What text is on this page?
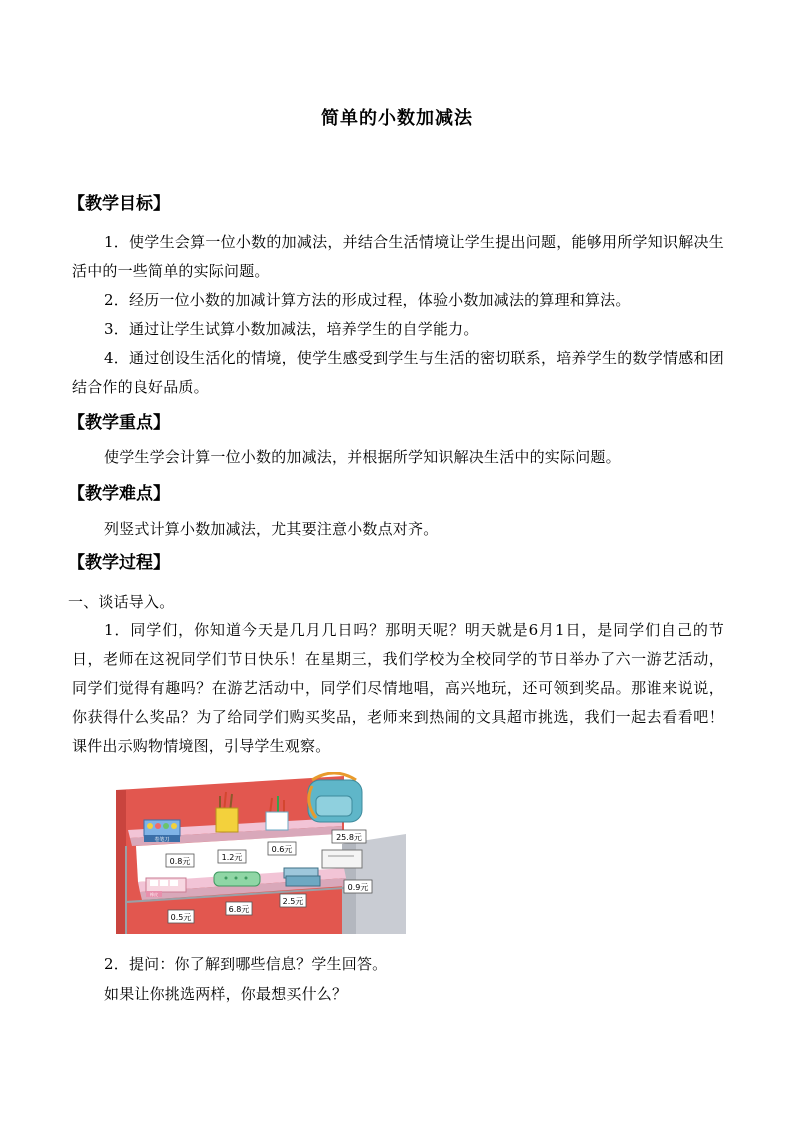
简单的小数加减法
【教学目标】
1．使学生会算一位小数的加减法，并结合生活情境让学生提出问题，能够用所学知识解决生活中的一些简单的实际问题。
2．经历一位小数的加减计算方法的形成过程，体验小数加减法的算理和算法。
3．通过让学生试算小数加减法，培养学生的自学能力。
4．通过创设生活化的情境，使学生感受到学生与生活的密切联系，培养学生的数学情感和团结合作的良好品质。
【教学重点】
使学生学会计算一位小数的加减法，并根据所学知识解决生活中的实际问题。
【教学难点】
列竖式计算小数加减法，尤其要注意小数点对齐。
【教学过程】
一、谈话导入。
1．同学们，你知道今天是几月几日吗？那明天呢？明天就是6月1日，是同学们自己的节日，老师在这祝同学们节日快乐！在星期三，我们学校为全校同学的节日举办了六一游艺活动，同学们觉得有趣吗？在游艺活动中，同学们尽情地唱，高兴地玩，还可领到奖品。那谁来说说，你获得什么奖品？为了给同学们购买奖品，老师来到热闹的文具超市挑选，我们一起去看看吧！课件出示购物情境图，引导学生观察。
卷笔刀
0.8元	1.2元
0.6元
25.8元
橡皮
0.5元
6.8元
2.5元
0.9元
2．提问：你了解到哪些信息？学生回答。
如果让你挑选两样，你最想买什么？
